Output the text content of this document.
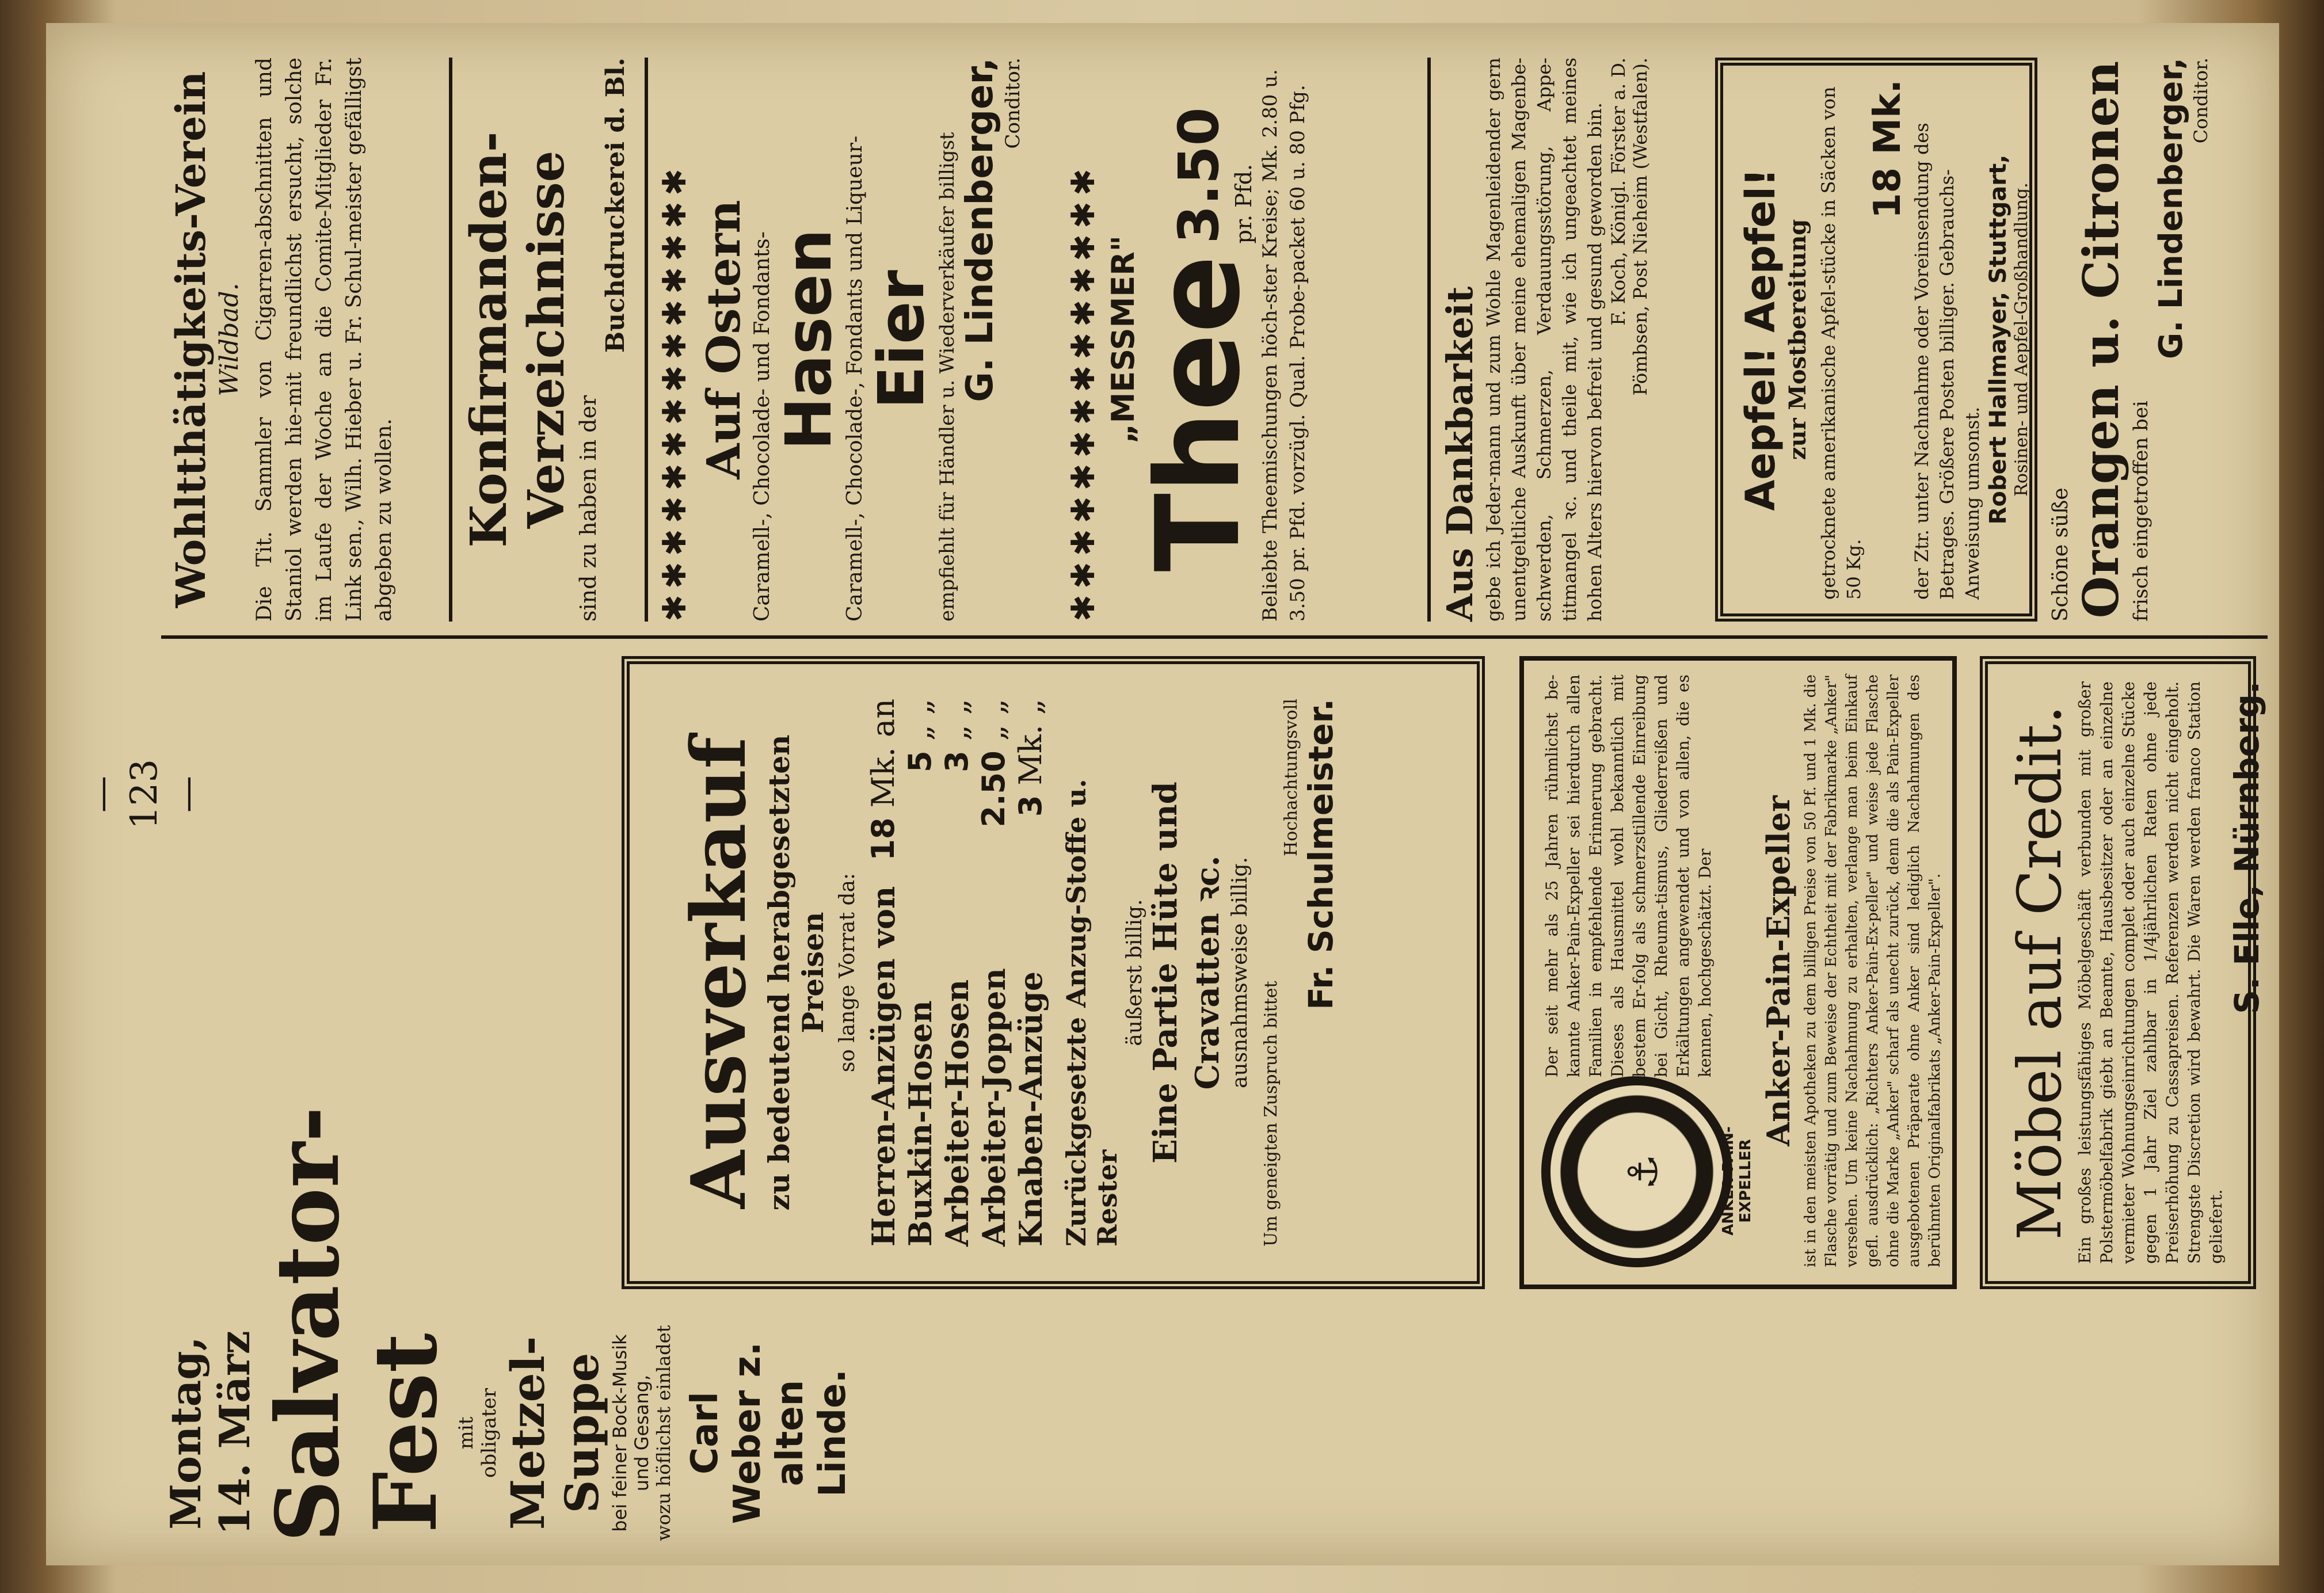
— 123 —
Wohltthätigkeits-Verein Wildbad. Die Tit. Sammler von Cigarren-abschnitten und Staniol werden hie-mit freundlichst ersucht, solche im Laufe der Woche an die Comite-Mitglieder Fr. Link sen., Wilh. Hieber u. Fr. Schul-meister gefälligst abgeben zu wollen. Konfirmanden-Verzeichnisse sind zu haben in der
Buchdruckerei d. Bl. ✱✱✱✱✱✱✱✱✱✱✱✱✱✱ Auf Ostern Caramell-, Chocolade- und Fondants-
Hasen
Caramell-, Chocolade-, Fondants und Liqueur-
Eier
empfiehlt für Händler u. Wiederverkäufer billigst G. Lindenberger, Conditor.
✱✱✱✱✱✱✱✱✱✱✱✱✱✱ „MESSMER"
Thee
3.50 pr. Pfd. Beliebte Theemischungen höch-ster Kreise; Mk. 2.80 u. 3.50 pr. Pfd. vorzügl. Qual. Probe-packet 60 u. 80 Pfg.	Aus Dankbarkeit gebe ich Jeder-mann und zum Wohle Magenleidender gern unentgeltliche Auskunft über meine ehemaligen Magenbe-schwerden, Schmerzen, Verdauungsstörung, Appe-titmangel ꝛc. und theile mit, wie ich ungeachtet meines hohen Alters hiervon befreit und gesund geworden bin. F. Koch, Königl. Förster a. D. Pömbsen, Post Nieheim (Westfalen). Aepfel! Aepfel! zur Mostbereitung getrocknete amerikanische Apfel-stücke in Säcken von 50 Kg.

18 Mk. der Ztr. unter Nachnahme oder Voreinsendung des Betrages. Größere Posten billiger. Gebrauchs-Anweisung umsonst. Robert Hallmayer, Stuttgart, Rosinen- und Aepfel-Großhandlung.
Schöne süße Orangen u. Citronen frisch eingetroffen bei
G. Lindenberger, Conditor.
Montag, 14. März
Salvator-Fest
mit obligater Metzel-Suppe bei feiner Bock-Musik und Gesang, wozu höflichst einladet Carl Weber z. alten Linde.
Ausverkauf zu bedeutend herabgesetzten Preisen so lange Vorrat da: Herren-Anzügen von
18 Mk. an
Buxkin-Hosen
5 „ „
Arbeiter-Hosen
3 „ „
Arbeiter-Joppen
2.50 „ „
Knaben-Anzüge
3 Mk. „
Zurückgesetzte Anzug-Stoffe u. Rester
äußerst billig. Eine Partie Hüte und Cravatten ꝛc. ausnahmsweise billig.
Um geneigten Zuspruch bittet
Hochachtungsvoll Fr. Schulmeister.
⚓	ANKER-PAIN-EXPELLER

Der seit mehr als 25 Jahren rühmlichst be-kannte Anker-Pain-Expeller sei hierdurch allen Familien in empfehlende Erinnerung gebracht. Dieses als Hausmittel wohl bekanntlich mit bestem Er-folg als schmerzstillende Einreibung bei Gicht, Rheuma-tismus, Gliederreißen und Erkältungen angewendet und von allen, die es kennen, hochgeschätzt. Der Anker-Pain-Expeller ist in den meisten Apotheken zu dem billigen Preise von 50 Pf. und 1 Mk. die Flasche vorrätig und zum Beweise der Echtheit mit der Fabrikmarke „Anker" versehen. Um keine Nachahmung zu erhalten, verlange man beim Einkauf gefl. ausdrücklich: „Richters Anker-Pain-Ex-peller" und weise jede Flasche ohne die Marke „Anker" scharf als unecht zurück, denn die als Pain-Expeller ausgebotenen Präparate ohne Anker sind lediglich Nachahmungen des berühmten Originalfabrikats „Anker-Pain-Expeller". Möbel auf Credit. Ein großes leistungsfähiges Möbelgeschäft verbunden mit großer Polstermöbelfabrik giebt an Beamte, Hausbesitzer oder an einzelne vermieter Wohnungseinrichtungen complet oder auch einzelne Stücke gegen 1 Jahr Ziel zahlbar in 1/4jährlichen Raten ohne jede Preiserhöhung zu Cassapreisen. Referenzen werden nicht eingeholt. Strengste Discretion wird bewahrt. Die Waren werden franco Station geliefert.

S. Elle, Nürnberg.
